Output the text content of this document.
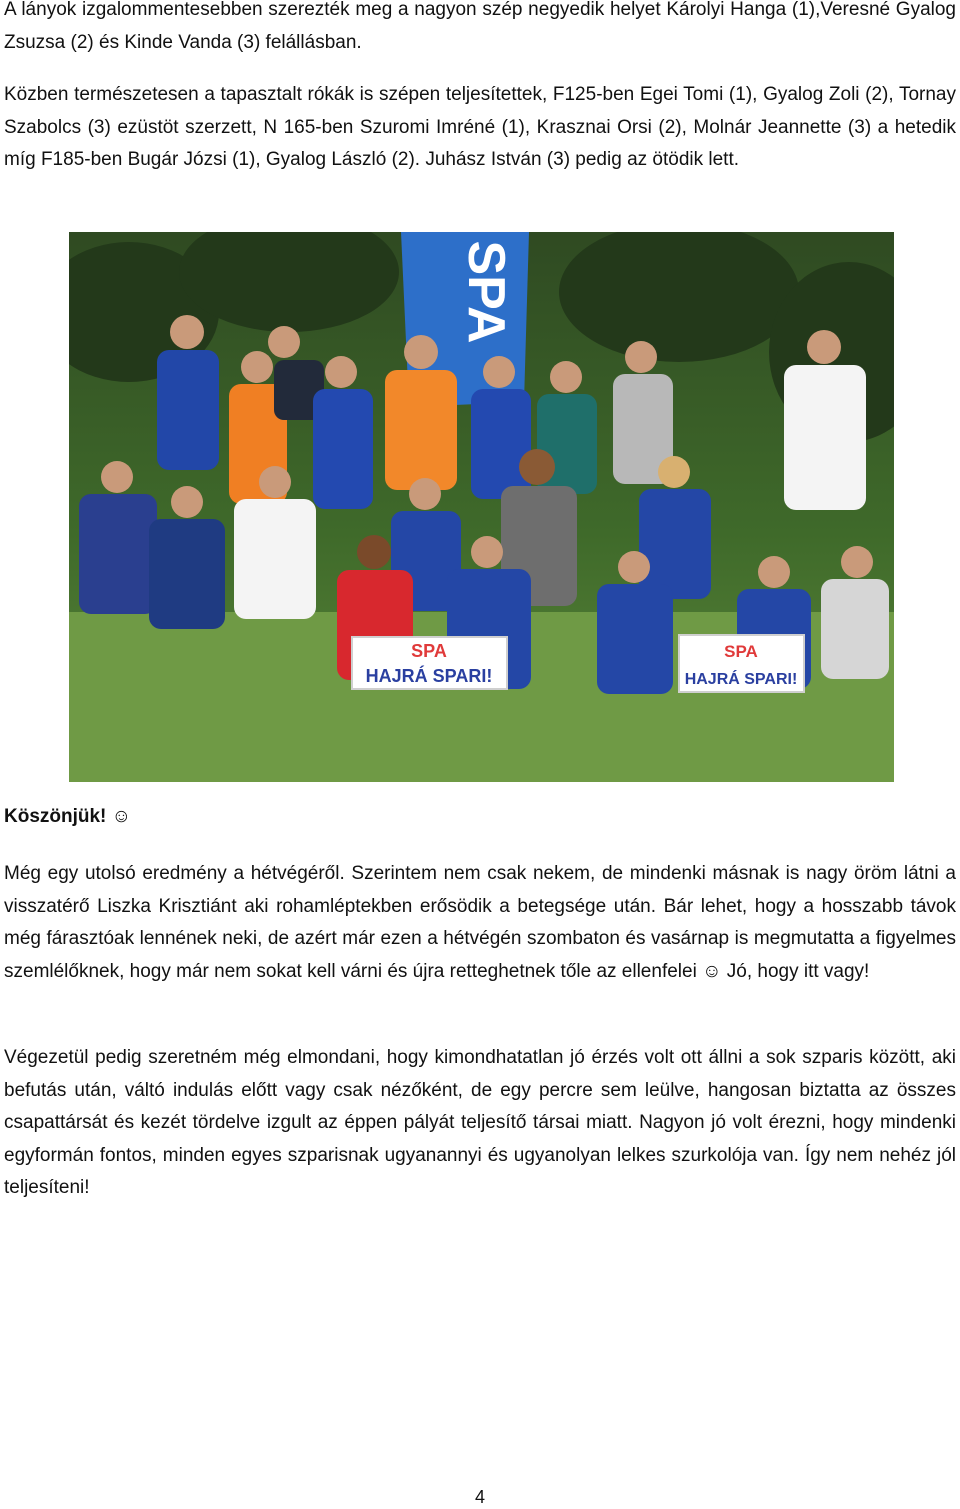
A lányok izgalommentesebben szerezték meg a nagyon szép negyedik helyet Károlyi Hanga (1),Veresné Gyalog Zsuzsa (2) és Kinde Vanda (3) felállásban.

Közben természetesen a tapasztalt rókák is szépen teljesítettek, F125-ben Egei Tomi (1), Gyalog Zoli (2), Tornay Szabolcs (3) ezüstöt szerzett, N 165-ben Szuromi Imréné (1), Krasznai Orsi (2), Molnár Jeannette (3) a hetedik míg F185-ben Bugár Józsi (1), Gyalog László (2). Juhász István (3) pedig az ötödik lett.

SPA
SPA
HAJRÁ SPARI!
SPA
HAJRÁ SPARI!

Köszönjük! ☺

Még egy utolsó eredmény a hétvégéről. Szerintem nem csak nekem, de mindenki másnak is nagy öröm látni a visszatérő Liszka Krisztiánt aki rohamléptekben erősödik a betegsége után. Bár lehet, hogy a hosszabb távok még fárasztóak lennének neki, de azért már ezen a hétvégén szombaton és vasárnap is megmutatta a figyelmes szemlélőknek, hogy már nem sokat kell várni és újra retteghetnek tőle az ellenfelei ☺ Jó, hogy itt vagy!

Végezetül pedig szeretném még elmondani, hogy kimondhatatlan jó érzés volt ott állni a sok szparis között, aki befutás után, váltó indulás előtt vagy csak nézőként, de egy percre sem leülve, hangosan biztatta az összes csapattársát és kezét tördelve izgult az éppen pályát teljesítő társai miatt. Nagyon jó volt érezni, hogy mindenki egyformán fontos, minden egyes szparisnak ugyanannyi és ugyanolyan lelkes szurkolója van. Így nem nehéz jól teljesíteni!

4
